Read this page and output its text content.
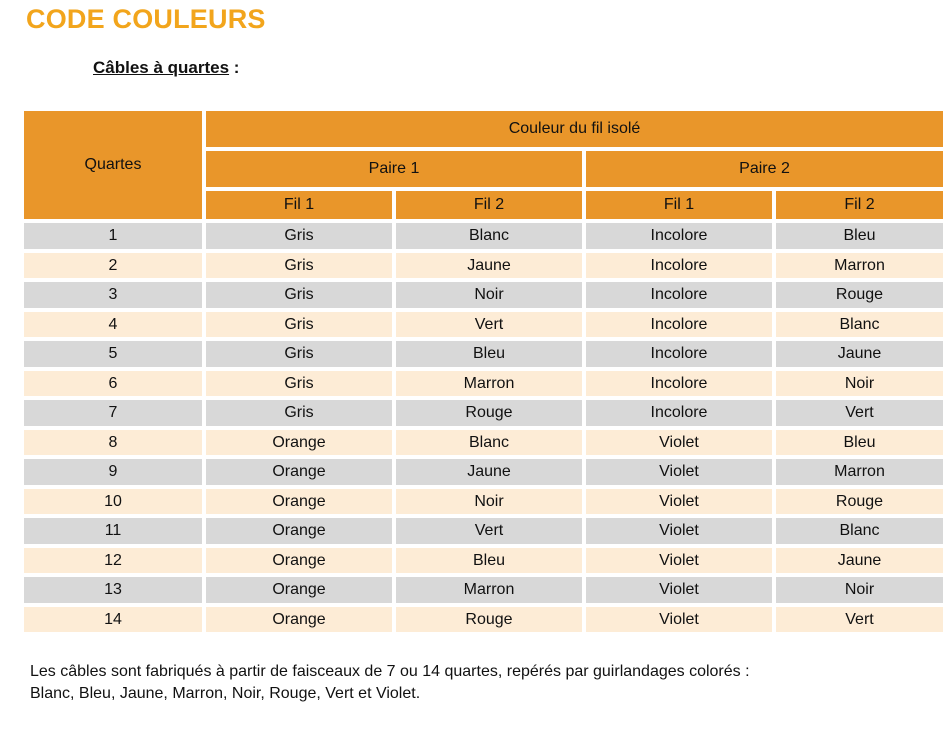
CODE COULEURS
Câbles à quartes :
Quartes	Couleur du fil isolé			
	Paire 1		Paire 2	
	Fil 1	Fil 2	Fil 1	Fil 2
1	Gris	Blanc	Incolore	Bleu
2	Gris	Jaune	Incolore	Marron
3	Gris	Noir	Incolore	Rouge
4	Gris	Vert	Incolore	Blanc
5	Gris	Bleu	Incolore	Jaune
6	Gris	Marron	Incolore	Noir
7	Gris	Rouge	Incolore	Vert
8	Orange	Blanc	Violet	Bleu
9	Orange	Jaune	Violet	Marron
10	Orange	Noir	Violet	Rouge
11	Orange	Vert	Violet	Blanc
12	Orange	Bleu	Violet	Jaune
13	Orange	Marron	Violet	Noir
14	Orange	Rouge	Violet	Vert
Les câbles sont fabriqués à partir de faisceaux de 7 ou 14 quartes, repérés par guirlandages colorés :
Blanc, Bleu, Jaune, Marron, Noir, Rouge, Vert et Violet.
